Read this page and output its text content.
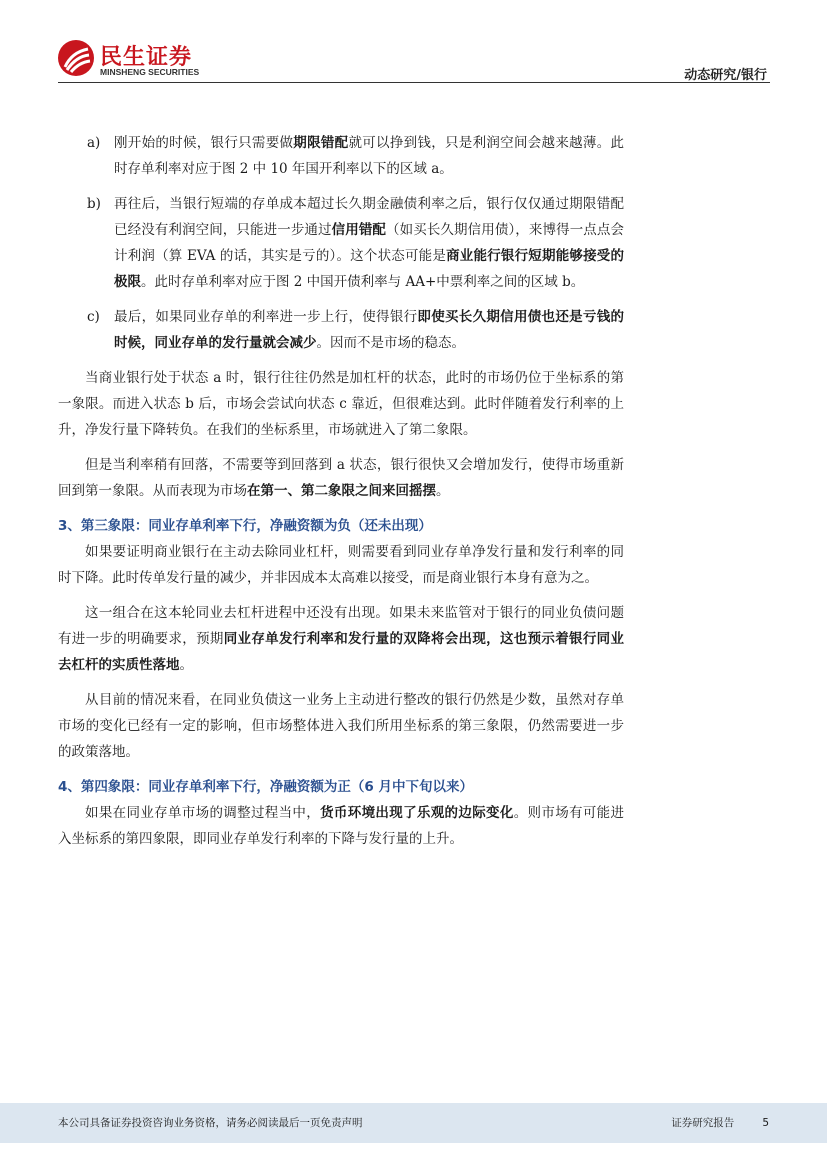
民生证券
MINSHENG SECURITIES	动态研究/银行
a) 刚开始的时候，银行只需要做期限错配就可以挣到钱，只是利润空间会越来越薄。此时存单利率对应于图 2 中 10 年国开利率以下的区域 a。
b) 再往后，当银行短端的存单成本超过长久期金融债利率之后，银行仅仅通过期限错配已经没有利润空间，只能进一步通过信用错配（如买长久期信用债），来博得一点点会计利润（算 EVA 的话，其实是亏的）。这个状态可能是商业能行银行短期能够接受的极限。此时存单利率对应于图 2 中国开债利率与 AA+中票利率之间的区域 b。
c) 最后，如果同业存单的利率进一步上行，使得银行即使买长久期信用债也还是亏钱的时候，同业存单的发行量就会减少。因而不是市场的稳态。

当商业银行处于状态 a 时，银行往往仍然是加杠杆的状态，此时的市场仍位于坐标系的第一象限。而进入状态 b 后，市场会尝试向状态 c 靠近，但很难达到。此时伴随着发行利率的上升，净发行量下降转负。在我们的坐标系里，市场就进入了第二象限。

但是当利率稍有回落，不需要等到回落到 a 状态，银行很快又会增加发行，使得市场重新回到第一象限。从而表现为市场在第一、第二象限之间来回摇摆。

3、第三象限：同业存单利率下行，净融资额为负（还未出现）

如果要证明商业银行在主动去除同业杠杆，则需要看到同业存单净发行量和发行利率的同时下降。此时传单发行量的减少，并非因成本太高难以接受，而是商业银行本身有意为之。

这一组合在这本轮同业去杠杆进程中还没有出现。如果未来监管对于银行的同业负债问题有进一步的明确要求，预期同业存单发行利率和发行量的双降将会出现，这也预示着银行同业去杠杆的实质性落地。

从目前的情况来看，在同业负债这一业务上主动进行整改的银行仍然是少数，虽然对存单市场的变化已经有一定的影响，但市场整体进入我们所用坐标系的第三象限，仍然需要进一步的政策落地。

4、第四象限：同业存单利率下行，净融资额为正（6 月中下旬以来）

如果在同业存单市场的调整过程当中，货币环境出现了乐观的边际变化。则市场有可能进入坐标系的第四象限，即同业存单发行利率的下降与发行量的上升。

本公司具备证券投资咨询业务资格，请务必阅读最后一页免责声明	证券研究报告	5
